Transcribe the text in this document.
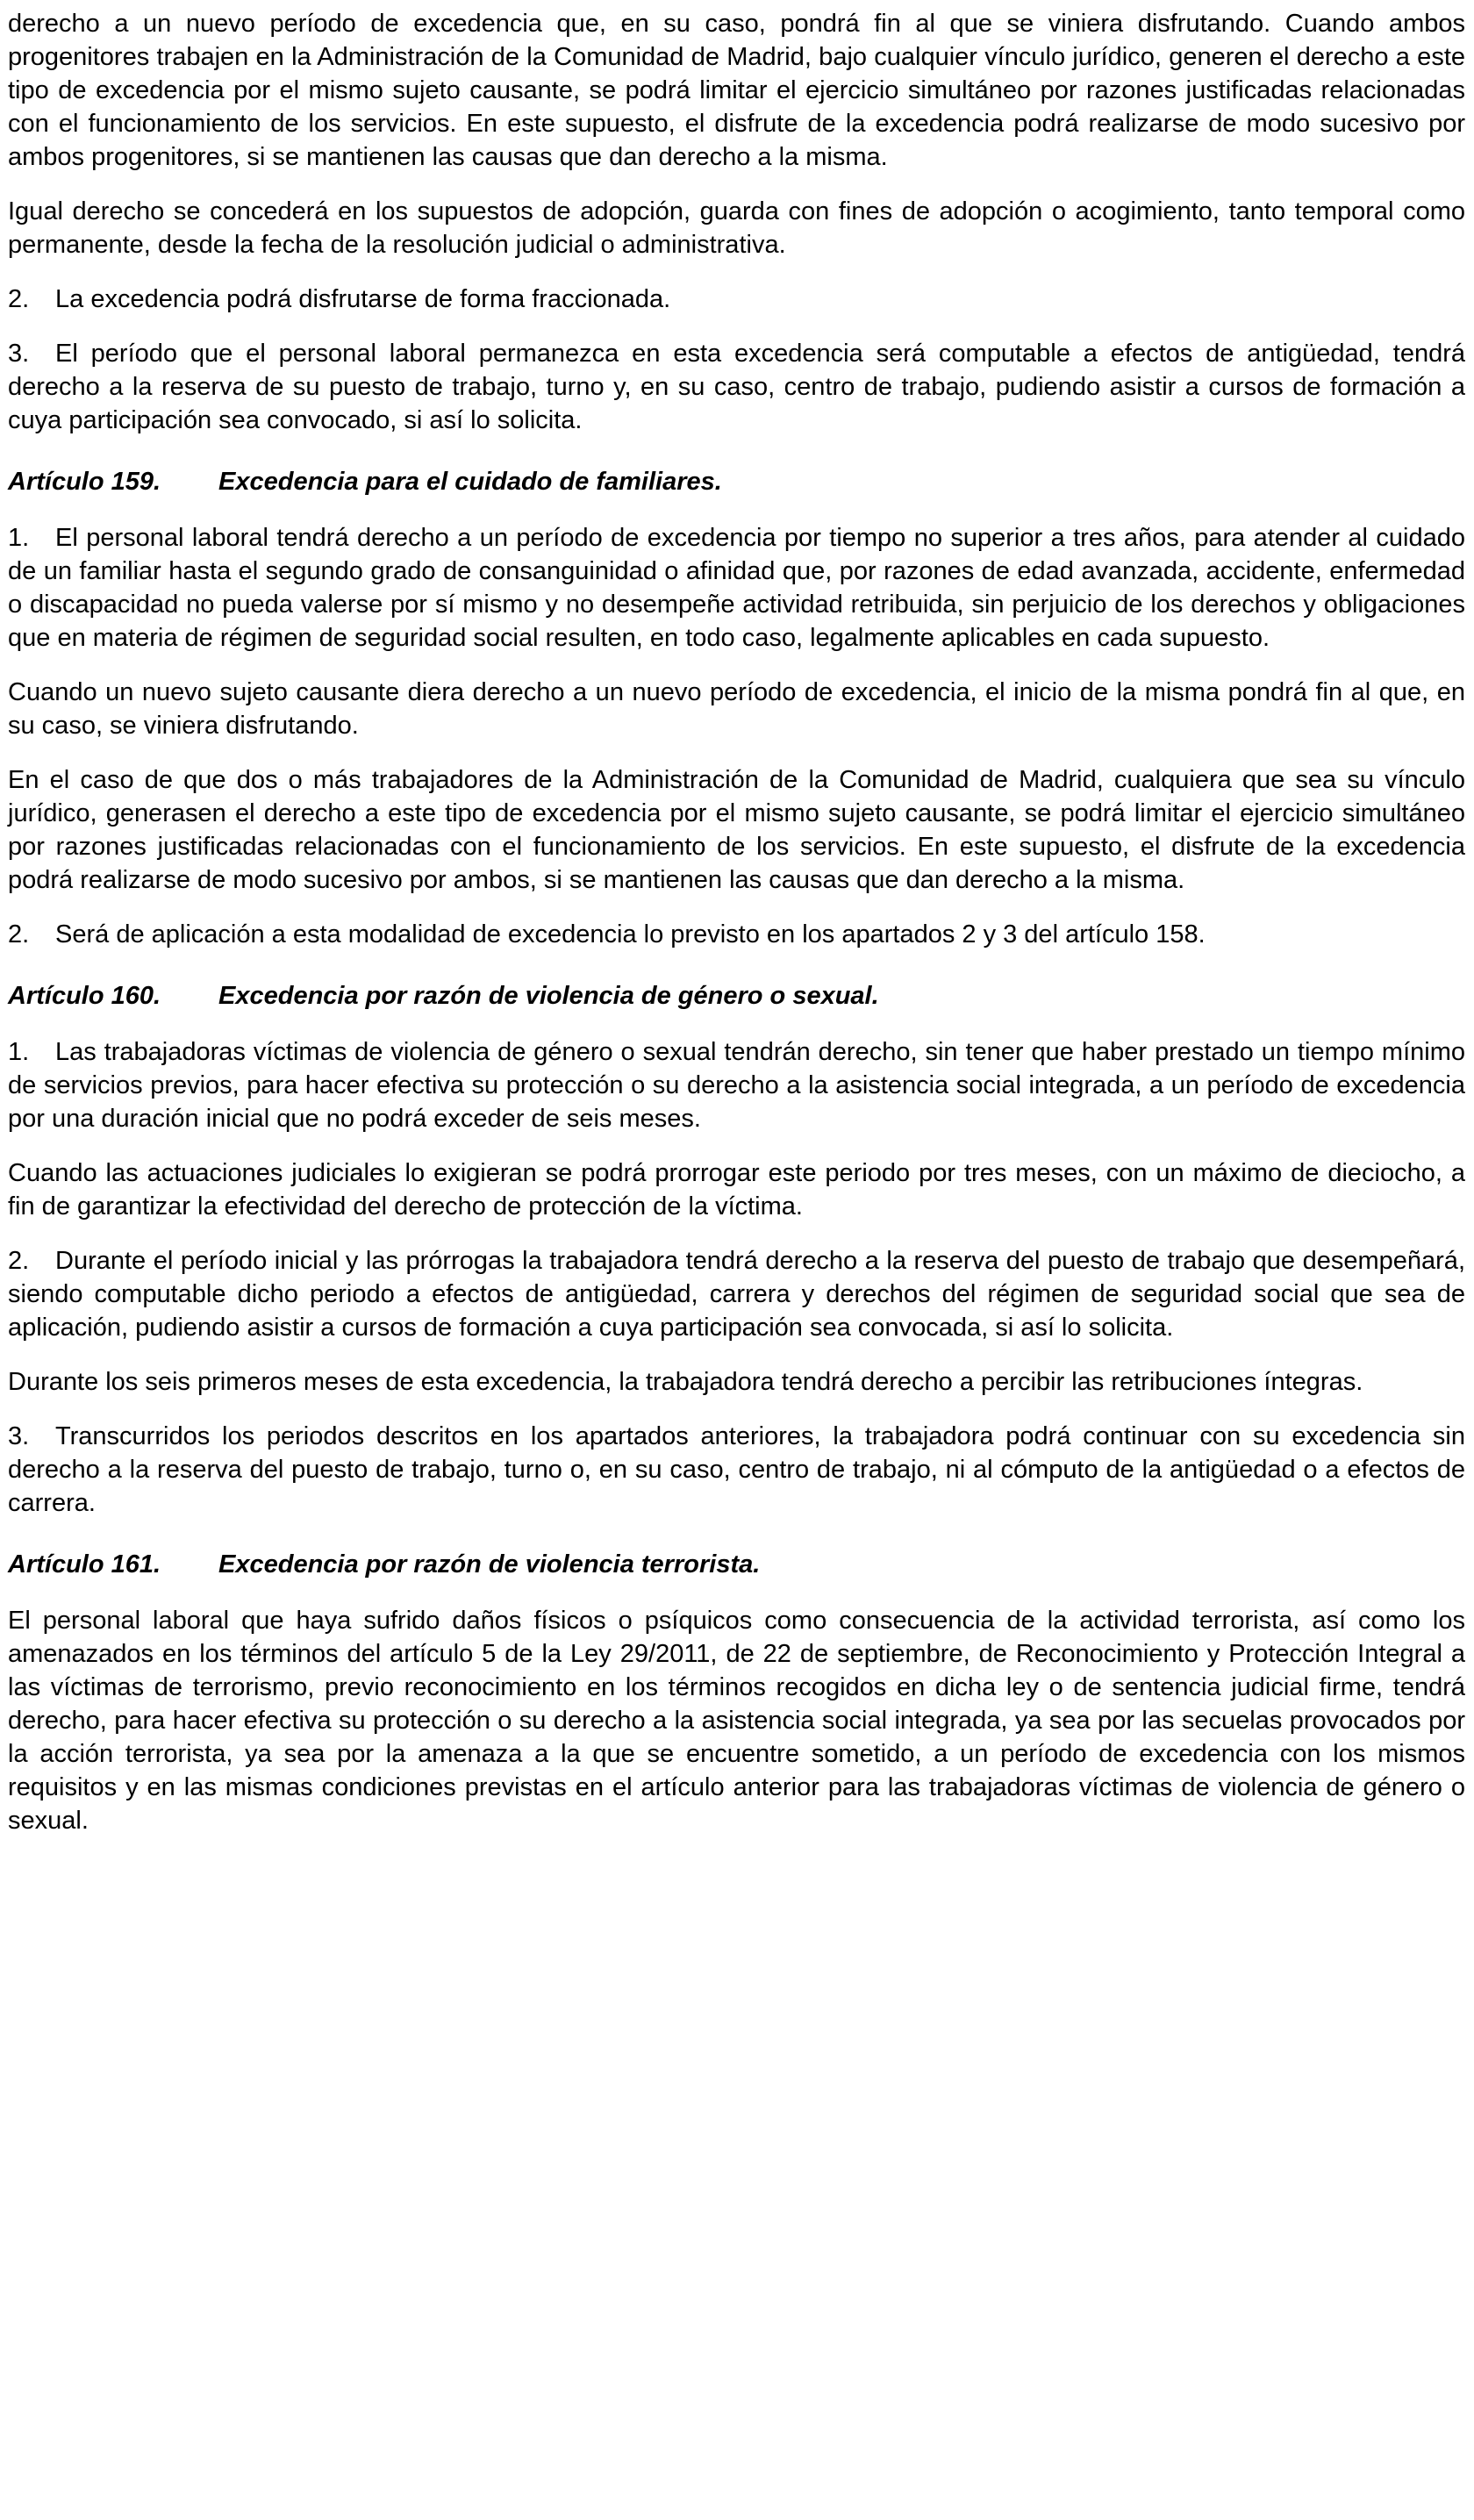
derecho a un nuevo período de excedencia que, en su caso, pondrá fin al que se viniera disfrutando. Cuando ambos progenitores trabajen en la Administración de la Comunidad de Madrid, bajo cualquier vínculo jurídico, generen el derecho a este tipo de excedencia por el mismo sujeto causante, se podrá limitar el ejercicio simultáneo por razones justificadas relacionadas con el funcionamiento de los servicios. En este supuesto, el disfrute de la excedencia podrá realizarse de modo sucesivo por ambos progenitores, si se mantienen las causas que dan derecho a la misma.

Igual derecho se concederá en los supuestos de adopción, guarda con fines de adopción o acogimiento, tanto temporal como permanente, desde la fecha de la resolución judicial o administrativa.

2. La excedencia podrá disfrutarse de forma fraccionada.

3. El período que el personal laboral permanezca en esta excedencia será computable a efectos de antigüedad, tendrá derecho a la reserva de su puesto de trabajo, turno y, en su caso, centro de trabajo, pudiendo asistir a cursos de formación a cuya participación sea convocado, si así lo solicita.

Artículo 159. Excedencia para el cuidado de familiares.

1. El personal laboral tendrá derecho a un período de excedencia por tiempo no superior a tres años, para atender al cuidado de un familiar hasta el segundo grado de consanguinidad o afinidad que, por razones de edad avanzada, accidente, enfermedad o discapacidad no pueda valerse por sí mismo y no desempeñe actividad retribuida, sin perjuicio de los derechos y obligaciones que en materia de régimen de seguridad social resulten, en todo caso, legalmente aplicables en cada supuesto.

Cuando un nuevo sujeto causante diera derecho a un nuevo período de excedencia, el inicio de la misma pondrá fin al que, en su caso, se viniera disfrutando.

En el caso de que dos o más trabajadores de la Administración de la Comunidad de Madrid, cualquiera que sea su vínculo jurídico, generasen el derecho a este tipo de excedencia por el mismo sujeto causante, se podrá limitar el ejercicio simultáneo por razones justificadas relacionadas con el funcionamiento de los servicios. En este supuesto, el disfrute de la excedencia podrá realizarse de modo sucesivo por ambos, si se mantienen las causas que dan derecho a la misma.

2. Será de aplicación a esta modalidad de excedencia lo previsto en los apartados 2 y 3 del artículo 158.

Artículo 160. Excedencia por razón de violencia de género o sexual.

1. Las trabajadoras víctimas de violencia de género o sexual tendrán derecho, sin tener que haber prestado un tiempo mínimo de servicios previos, para hacer efectiva su protección o su derecho a la asistencia social integrada, a un período de excedencia por una duración inicial que no podrá exceder de seis meses.

Cuando las actuaciones judiciales lo exigieran se podrá prorrogar este periodo por tres meses, con un máximo de dieciocho, a fin de garantizar la efectividad del derecho de protección de la víctima.

2. Durante el período inicial y las prórrogas la trabajadora tendrá derecho a la reserva del puesto de trabajo que desempeñará, siendo computable dicho periodo a efectos de antigüedad, carrera y derechos del régimen de seguridad social que sea de aplicación, pudiendo asistir a cursos de formación a cuya participación sea convocada, si así lo solicita.

Durante los seis primeros meses de esta excedencia, la trabajadora tendrá derecho a percibir las retribuciones íntegras.

3. Transcurridos los periodos descritos en los apartados anteriores, la trabajadora podrá continuar con su excedencia sin derecho a la reserva del puesto de trabajo, turno o, en su caso, centro de trabajo, ni al cómputo de la antigüedad o a efectos de carrera.

Artículo 161. Excedencia por razón de violencia terrorista.

El personal laboral que haya sufrido daños físicos o psíquicos como consecuencia de la actividad terrorista, así como los amenazados en los términos del artículo 5 de la Ley 29/2011, de 22 de septiembre, de Reconocimiento y Protección Integral a las víctimas de terrorismo, previo reconocimiento en los términos recogidos en dicha ley o de sentencia judicial firme, tendrá derecho, para hacer efectiva su protección o su derecho a la asistencia social integrada, ya sea por las secuelas provocados por la acción terrorista, ya sea por la amenaza a la que se encuentre sometido, a un período de excedencia con los mismos requisitos y en las mismas condiciones previstas en el artículo anterior para las trabajadoras víctimas de violencia de género o sexual.
